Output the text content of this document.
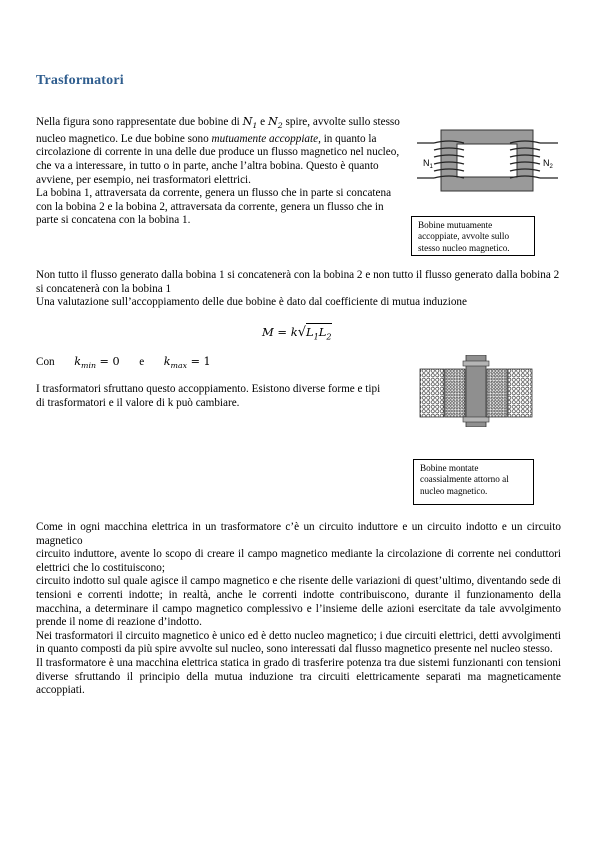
Trasformatori
Nella figura sono rappresentate due bobine di $N_1$ e $N_2$ spire, avvolte sullo stesso nucleo magnetico. Le due bobine sono mutuamente accoppiate, in quanto la circolazione di corrente in una delle due produce un flusso magnetico nel nucleo, che va a interessare, in tutto o in parte, anche l’altra bobina. Questo è quanto avviene, per esempio, nei trasformatori elettrici.
La bobina 1, attraversata da corrente, genera un flusso che in parte si concatena con la bobina 2 e la bobina 2, attraversata da corrente, genera un flusso che in parte si concatena con la bobina 1.
$N_1$	$N_2$
Bobine mutuamente accoppiate, avvolte sullo stesso nucleo magnetico.
Non tutto il flusso generato dalla bobina 1 si concatenerà con la bobina 2 e non tutto il flusso generato dalla bobina 2 si concatenerà con la bobina 1
Una valutazione sull’accoppiamento delle due bobine è dato dal coefficiente di mutua induzione
$M = k√L_1L_2$
Con $k_{min} = 0$ e $k_{max} = 1$
I trasformatori sfruttano questo accoppiamento. Esistono diverse forme e tipi di trasformatori e il valore di k può cambiare.
Bobine montate coassialmente attorno al nucleo magnetico.
Come in ogni macchina elettrica in un trasformatore c’è un circuito induttore e un circuito indotto e un circuito magnetico
circuito induttore, avente lo scopo di creare il campo magnetico mediante la circolazione di corrente nei conduttori elettrici che lo costituiscono;
circuito indotto sul quale agisce il campo magnetico e che risente delle variazioni di quest’ultimo, diventando sede di tensioni e correnti indotte; in realtà, anche le correnti indotte contribuiscono, durante il funzionamento della macchina, a determinare il campo magnetico complessivo e l’insieme delle azioni esercitate da tale avvolgimento prende il nome di reazione d’indotto.
Nei trasformatori il circuito magnetico è unico ed è detto nucleo magnetico; i due circuiti elettrici, detti avvolgimenti in quanto composti da più spire avvolte sul nucleo, sono interessati dal flusso magnetico presente nel nucleo stesso.
Il trasformatore è una macchina elettrica statica in grado di trasferire potenza tra due sistemi funzionanti con tensioni diverse sfruttando il principio della mutua induzione tra circuiti elettricamente separati ma magneticamente accoppiati.
